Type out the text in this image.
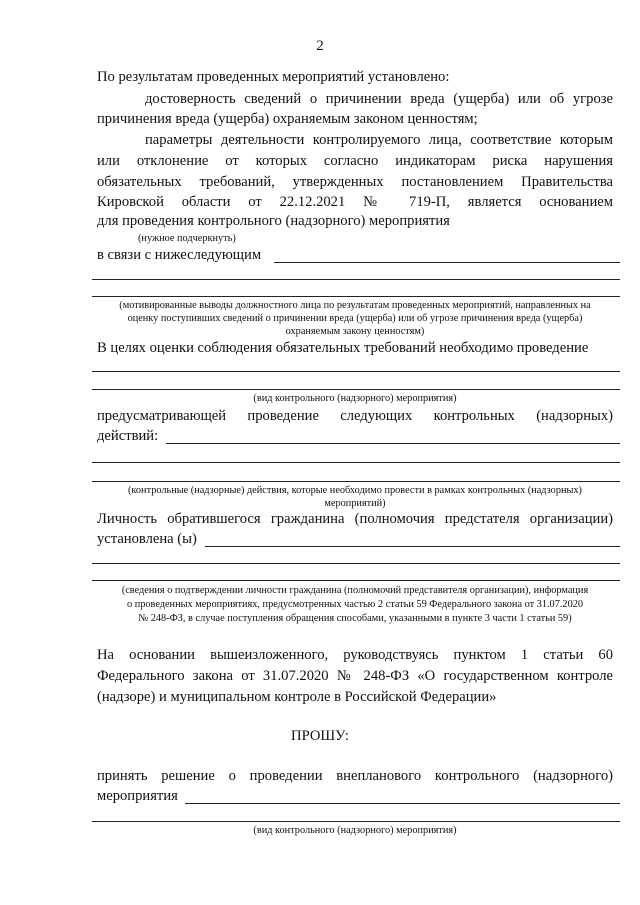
2
По результатам проведенных мероприятий установлено:
достоверность сведений о причинении вреда (ущерба) или об угрозе
причинения вреда (ущерба) охраняемым законом ценностям;
параметры деятельности контролируемого лица, соответствие которым
или отклонение от которых согласно индикаторам риска нарушения
обязательных требований, утвержденных постановлением Правительства
Кировской области от 22.12.2021 № 719-П, является основанием
для проведения контрольного (надзорного) мероприятия
(нужное подчеркнуть)
в связи с нижеследующим
(мотивированные выводы должностного лица по результатам проведенных мероприятий, направленных на
оценку поступивших сведений о причинении вреда (ущерба) или об угрозе причинения вреда (ущерба)
охраняемым закону ценностям)
В целях оценки соблюдения обязательных требований необходимо проведение
(вид контрольного (надзорного) мероприятия)
предусматривающей проведение следующих контрольных (надзорных)
действий:
(контрольные (надзорные) действия, которые необходимо провести в рамках контрольных (надзорных)
мероприятий)
Личность обратившегося гражданина (полномочия предстателя организации)
установлена (ы)
(сведения о подтверждении личности гражданина (полномочий представителя организации), информация
о проведенных мероприятиях, предусмотренных частью 2 статьи 59 Федерального закона от 31.07.2020
№ 248-ФЗ, в случае поступления обращения способами, указанными в пункте 3 части 1 статьи 59)
На основании вышеизложенного, руководствуясь пунктом 1 статьи 60
Федерального закона от 31.07.2020 № 248-ФЗ «О государственном контроле
(надзоре) и муниципальном контроле в Российской Федерации»
ПРОШУ:
принять решение о проведении внепланового контрольного (надзорного)
мероприятия
(вид контрольного (надзорного) мероприятия)
